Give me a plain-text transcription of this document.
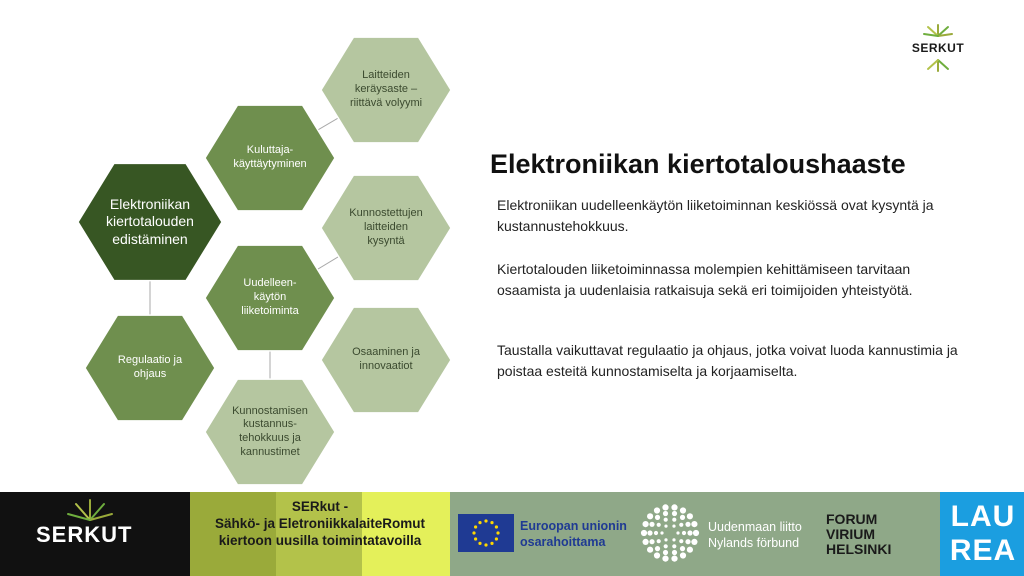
Elektroniikan
kiertotalouden
edistäminen
Kuluttaja-
käyttäytyminen
Uudelleen-
käytön
liiketoiminta
Regulaatio ja
ohjaus
Laitteiden
keräysaste –
riittävä volyymi
Kunnostettujen
laitteiden
kysyntä
Osaaminen ja
innovaatiot
Kunnostamisen
kustannus-
tehokkuus ja
kannustimet
SERKUT
Elektroniikan kiertotaloushaaste

Elektroniikan uudelleenkäytön liiketoiminnan keskiössä ovat kysyntä ja kustannustehokkuus.

Kiertotalouden liiketoiminnassa molempien kehittämiseen tarvitaan osaamista ja uudenlaisia ratkaisuja sekä eri toimijoiden yhteistyötä.

Taustalla vaikuttavat regulaatio ja ohjaus, jotka voivat luoda kannustimia ja poistaa esteitä kunnostamiselta ja korjaamiselta.

SERKUT
SERkut -
Sähkö- ja EletroniikkalaiteRomut
kiertoon uusilla toimintatavoilla
Euroopan unionin
osarahoittama
Uudenmaan liitto
Nylands förbund
FORUM
VIRIUM
HELSINKI
LAU
REA
